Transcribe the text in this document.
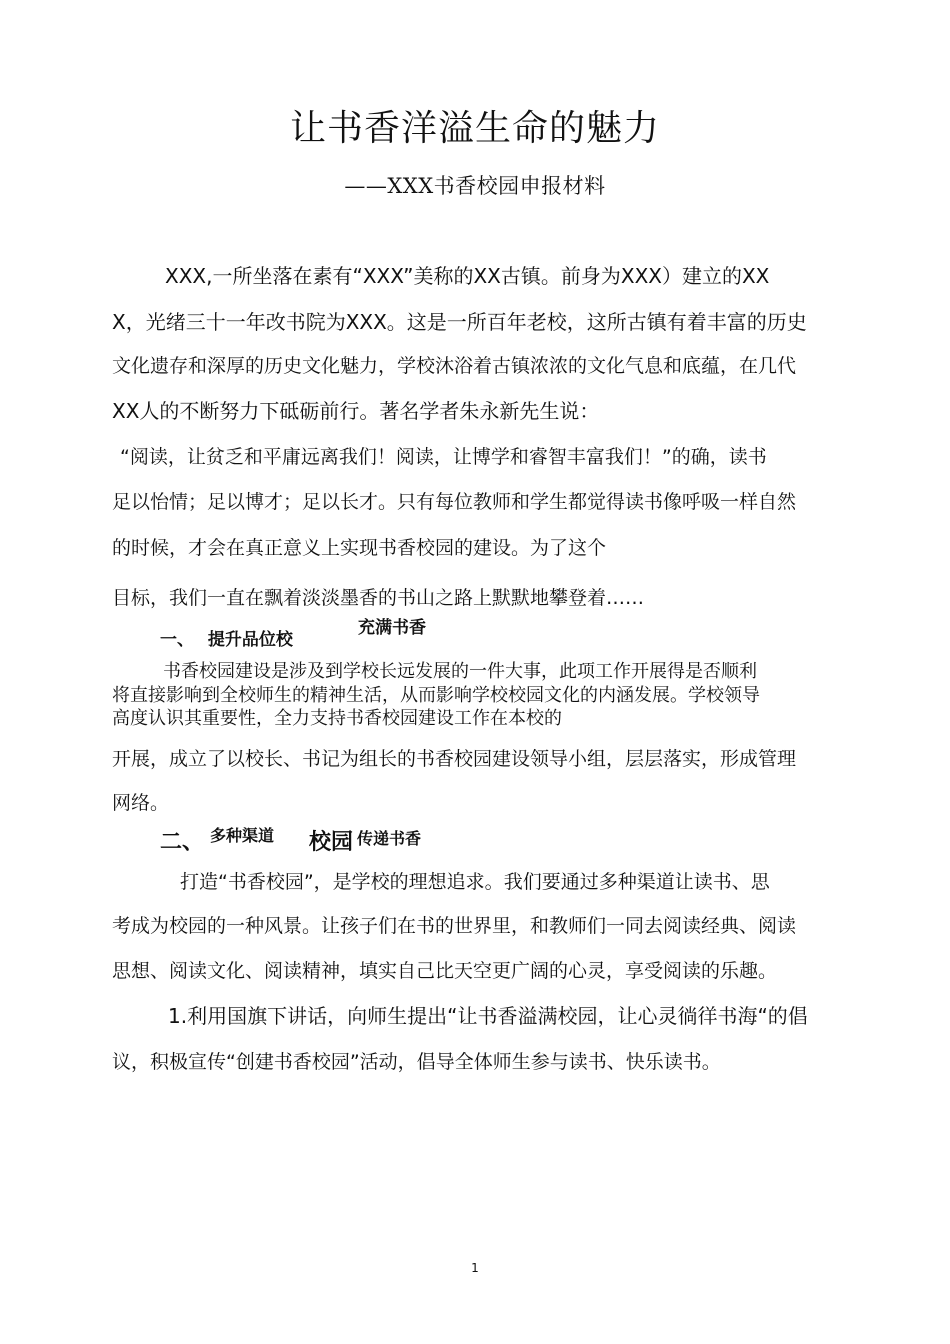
让书香洋溢生命的魅力
——XXX书香校园申报材料
XXX,一所坐落在素有“XXX”美称的XX古镇。前身为XXX）建立的XX
X，光绪三十一年改书院为XXX。这是一所百年老校，这所古镇有着丰富的历史
文化遗存和深厚的历史文化魅力，学校沐浴着古镇浓浓的文化气息和底蕴，在几代
XX人的不断努力下砥砺前行。著名学者朱永新先生说：
“阅读，让贫乏和平庸远离我们！阅读，让博学和睿智丰富我们！”的确，读书
足以怡情；足以博才；足以长才。只有每位教师和学生都觉得读书像呼吸一样自然
的时候，才会在真正意义上实现书香校园的建设。为了这个
目标，我们一直在飘着淡淡墨香的书山之路上默默地攀登着……
一、 提升品位校
充满书香
书香校园建设是涉及到学校长远发展的一件大事，此项工作开展得是否顺利
将直接影响到全校师生的精神生活，从而影响学校校园文化的内涵发展。学校领导
高度认识其重要性，全力支持书香校园建设工作在本校的
开展，成立了以校长、书记为组长的书香校园建设领导小组，层层落实，形成管理
网络。
二、 多种渠道 校园 传递书香
打造“书香校园”，是学校的理想追求。我们要通过多种渠道让读书、思
考成为校园的一种风景。让孩子们在书的世界里，和教师们一同去阅读经典、阅读
思想、阅读文化、阅读精神，填实自己比天空更广阔的心灵，享受阅读的乐趣。
1.利用国旗下讲话，向师生提出“让书香溢满校园，让心灵徜徉书海“的倡
议，积极宣传“创建书香校园”活动，倡导全体师生参与读书、快乐读书。
1
